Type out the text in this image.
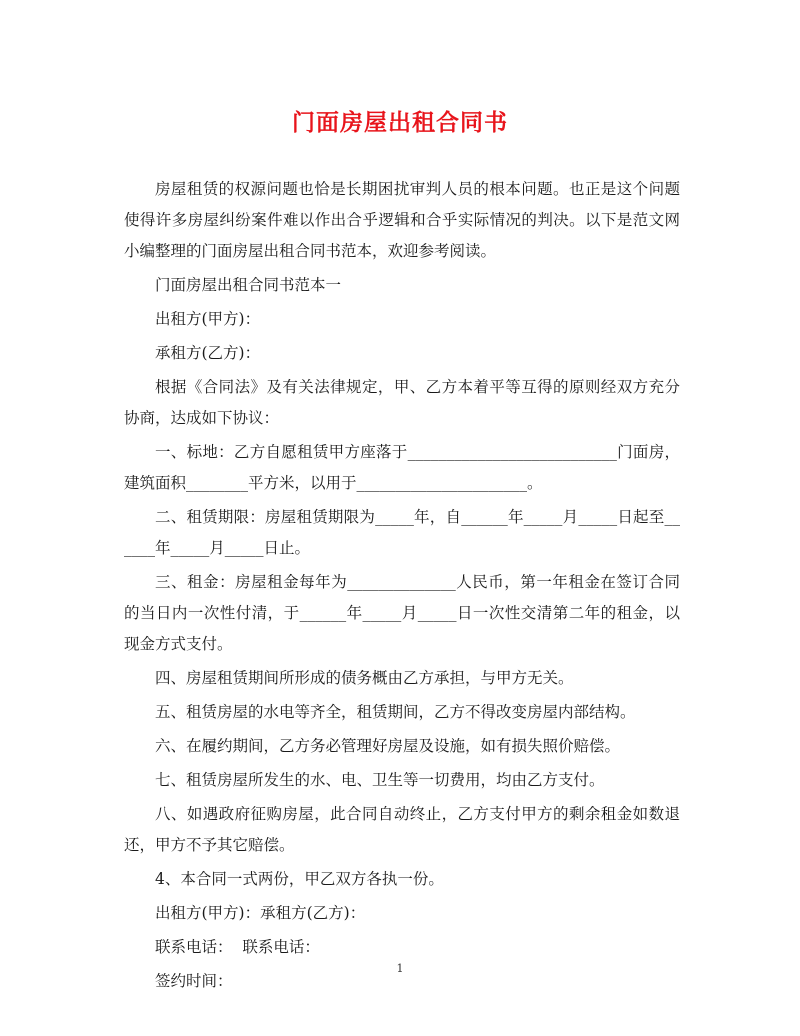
门面房屋出租合同书

房屋租赁的权源问题也恰是长期困扰审判人员的根本问题。也正是这个问题使得许多房屋纠纷案件难以作出合乎逻辑和合乎实际情况的判决。以下是范文网小编整理的门面房屋出租合同书范本，欢迎参考阅读。

门面房屋出租合同书范本一

出租方(甲方)：

承租方(乙方)：

根据《合同法》及有关法律规定，甲、乙方本着平等互得的原则经双方充分协商，达成如下协议：

一、标地：乙方自愿租赁甲方座落于___________________________门面房，建筑面积________平方米，以用于______________________。

二、租赁期限：房屋租赁期限为_____年，自______年_____月_____日起至______年_____月_____日止。

三、租金：房屋租金每年为______________人民币，第一年租金在签订合同的当日内一次性付清，于______年_____月_____日一次性交清第二年的租金，以现金方式支付。

四、房屋租赁期间所形成的债务概由乙方承担，与甲方无关。

五、租赁房屋的水电等齐全，租赁期间，乙方不得改变房屋内部结构。

六、在履约期间，乙方务必管理好房屋及设施，如有损失照价赔偿。

七、租赁房屋所发生的水、电、卫生等一切费用，均由乙方支付。

八、如遇政府征购房屋，此合同自动终止，乙方支付甲方的剩余租金如数退还，甲方不予其它赔偿。

4、本合同一式两份，甲乙双方各执一份。

出租方(甲方)：承租方(乙方)：

联系电话：  联系电话：

签约时间：

1
